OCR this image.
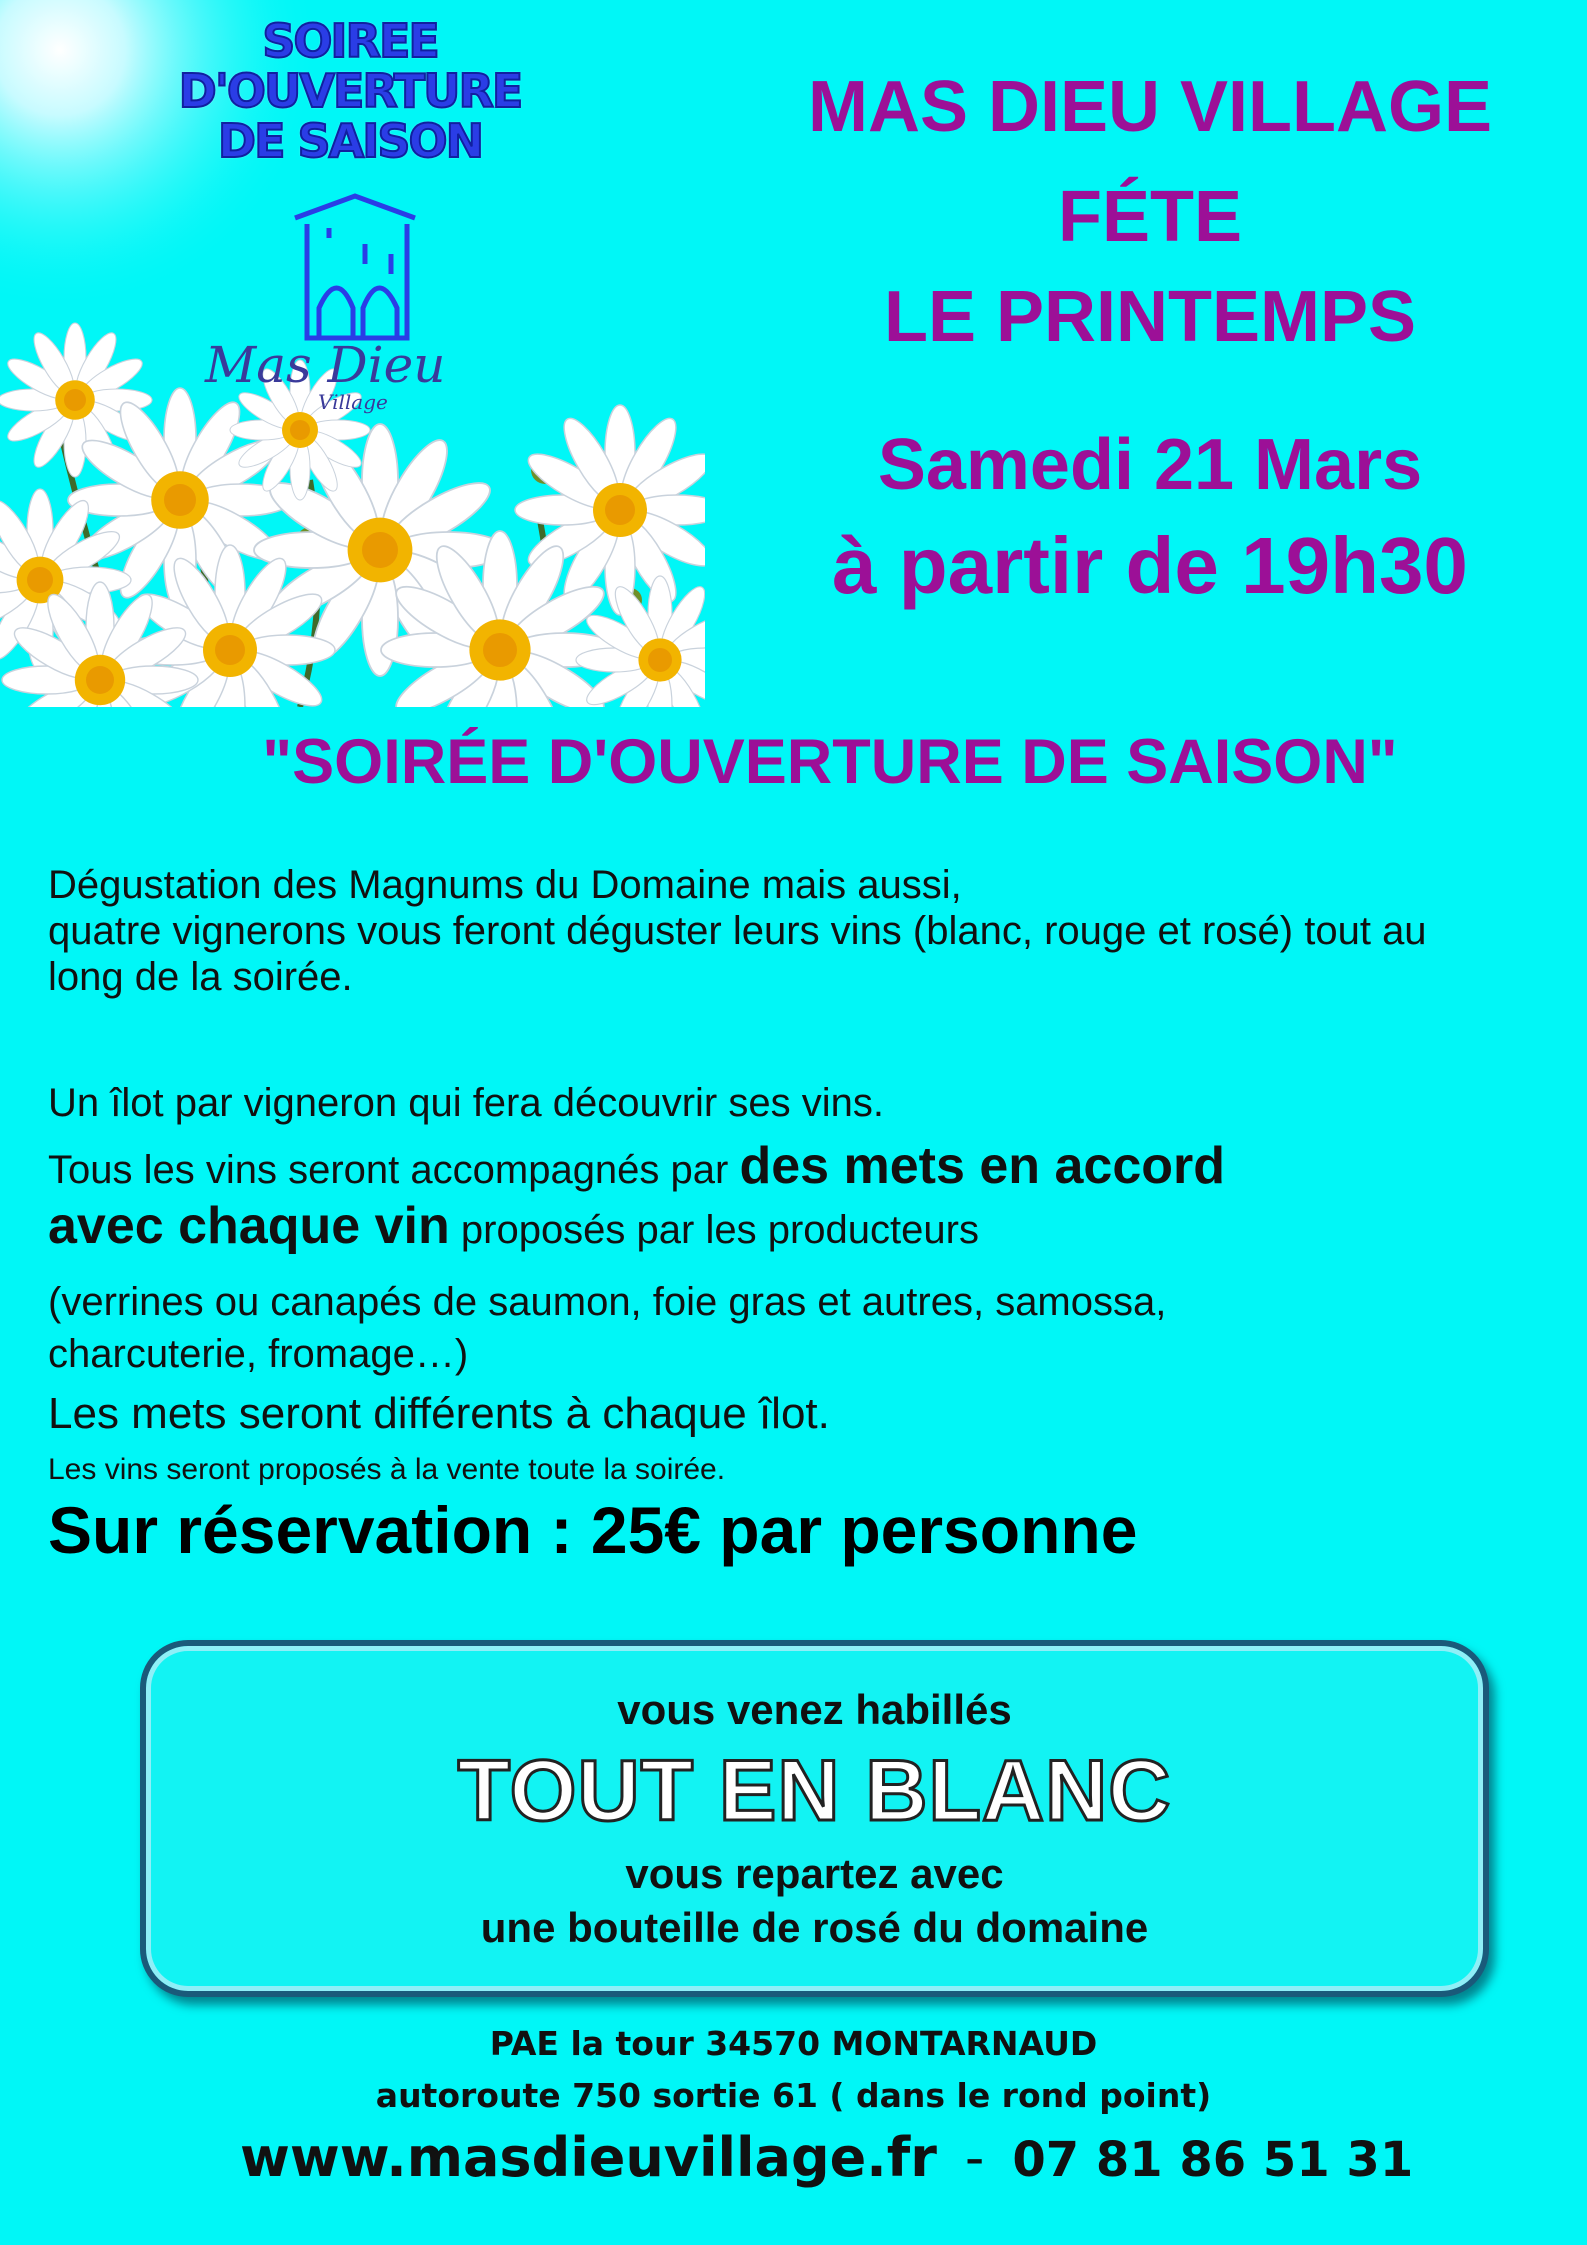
SOIREE
D'OUVERTURE
DE SAISON
Mas Dieu
Village

MAS DIEU VILLAGE

FÉTE

LE PRINTEMPS

Samedi 21 Mars

à partir de 19h30

"SOIRÉE D'OUVERTURE DE SAISON"

Dégustation des Magnums du Domaine mais aussi,
quatre vignerons vous feront déguster leurs vins (blanc, rouge et rosé) tout au
long de la soirée.
Un îlot par vigneron qui fera découvrir ses vins.
Tous les vins seront accompagnés par des mets en accord
avec chaque vin proposés par les producteurs
(verrines ou canapés de saumon, foie gras et autres, samossa,
charcuterie, fromage…)
Les mets seront différents à chaque îlot.
Les vins seront proposés à la vente toute la soirée.

Sur réservation : 25€ par personne

vous venez habillés

TOUT EN BLANC

vous repartez avec

une bouteille de rosé du domaine

PAE la tour 34570 MONTARNAUD

autoroute 750 sortie 61 ( dans le rond point)

www.masdieuvillage.fr - 07 81 86 51 31
